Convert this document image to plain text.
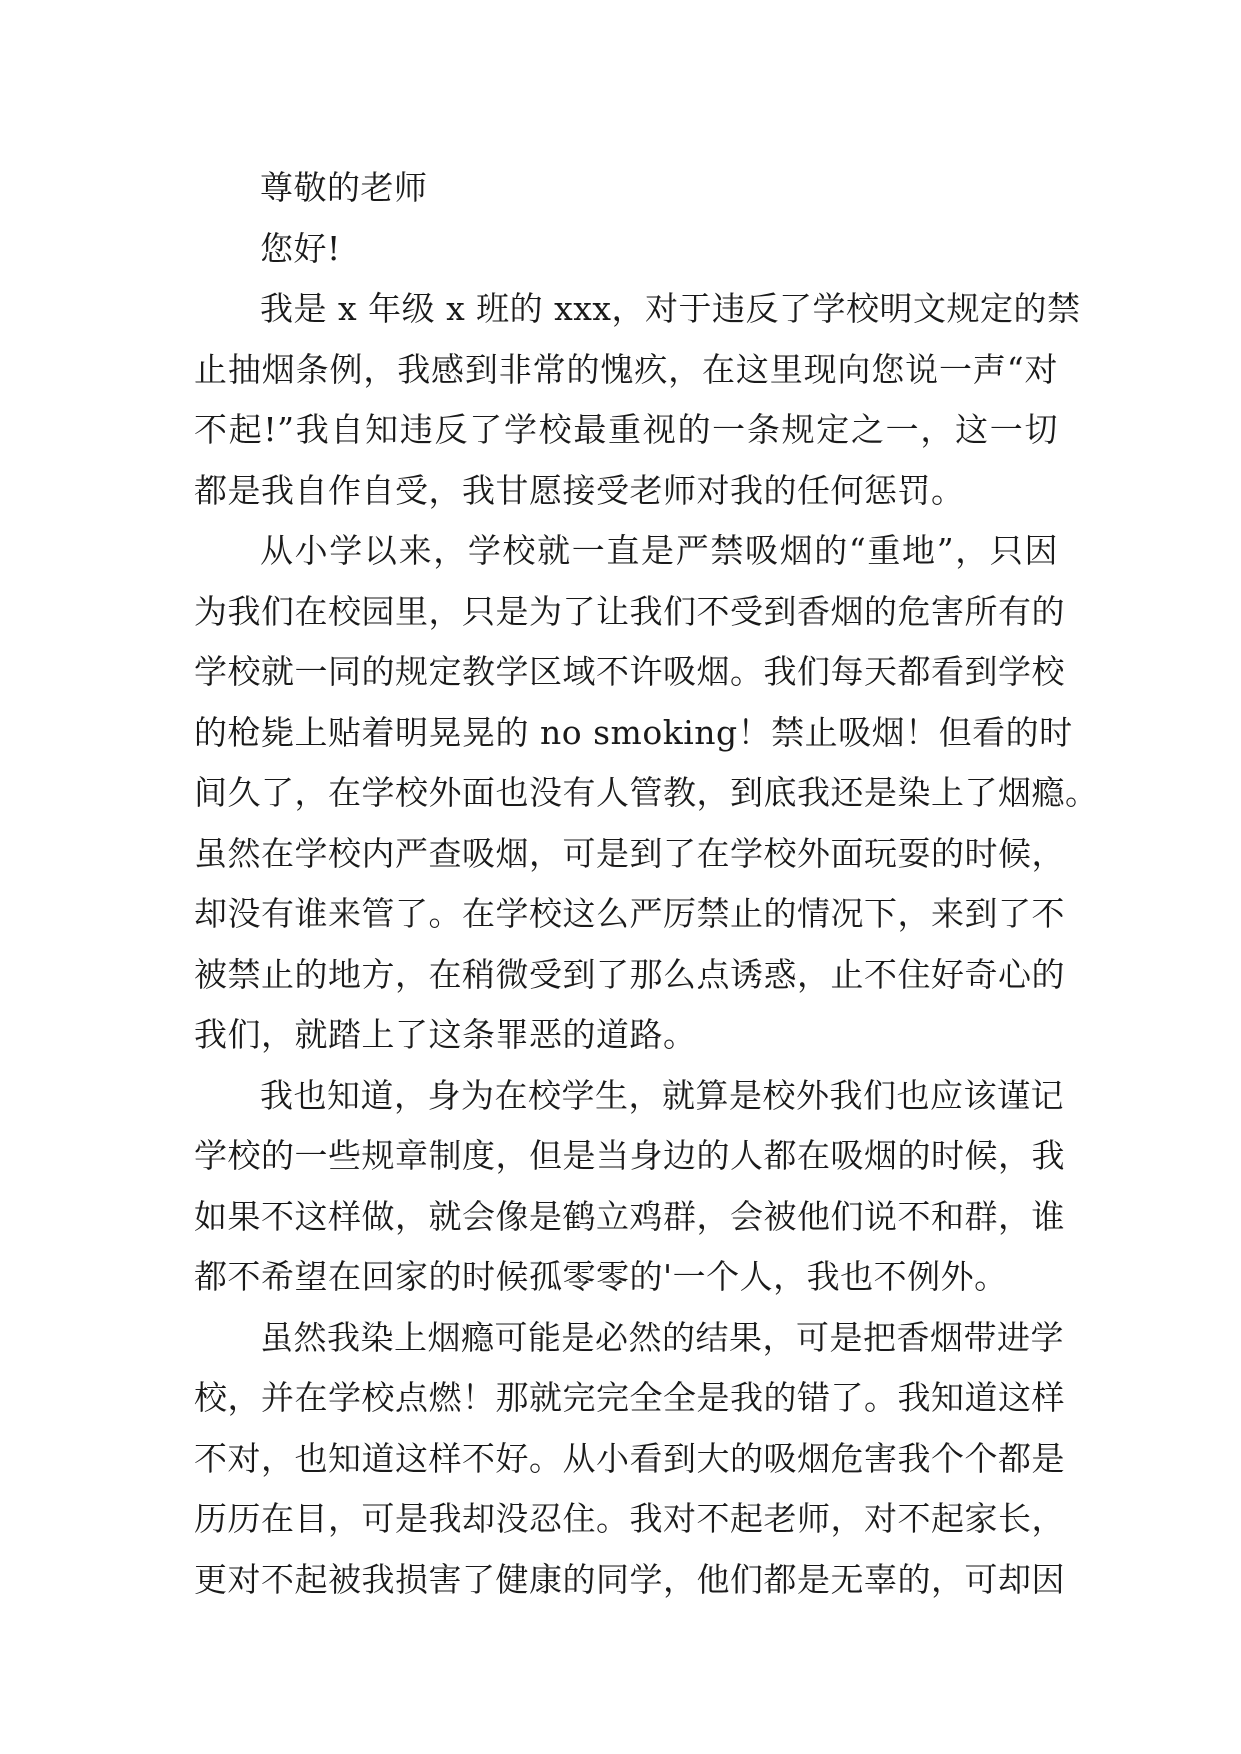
尊敬的老师
您好!
我是 x 年级 x 班的 xxx，对于违反了学校明文规定的禁
止抽烟条例，我感到非常的愧疚，在这里现向您说一声“对
不起!”我自知违反了学校最重视的一条规定之一，这一切
都是我自作自受，我甘愿接受老师对我的任何惩罚。
从小学以来，学校就一直是严禁吸烟的“重地”，只因
为我们在校园里，只是为了让我们不受到香烟的危害所有的
学校就一同的规定教学区域不许吸烟。我们每天都看到学校
的枪毙上贴着明晃晃的 no smoking！禁止吸烟！但看的时
间久了，在学校外面也没有人管教，到底我还是染上了烟瘾。
虽然在学校内严查吸烟，可是到了在学校外面玩耍的时候，
却没有谁来管了。在学校这么严厉禁止的情况下，来到了不
被禁止的地方，在稍微受到了那么点诱惑，止不住好奇心的
我们，就踏上了这条罪恶的道路。
我也知道，身为在校学生，就算是校外我们也应该谨记
学校的一些规章制度，但是当身边的人都在吸烟的时候，我
如果不这样做，就会像是鹤立鸡群，会被他们说不和群，谁
都不希望在回家的时候孤零零的'一个人，我也不例外。
虽然我染上烟瘾可能是必然的结果，可是把香烟带进学
校，并在学校点燃！那就完完全全是我的错了。我知道这样
不对，也知道这样不好。从小看到大的吸烟危害我个个都是
历历在目，可是我却没忍住。我对不起老师，对不起家长，
更对不起被我损害了健康的同学，他们都是无辜的，可却因
